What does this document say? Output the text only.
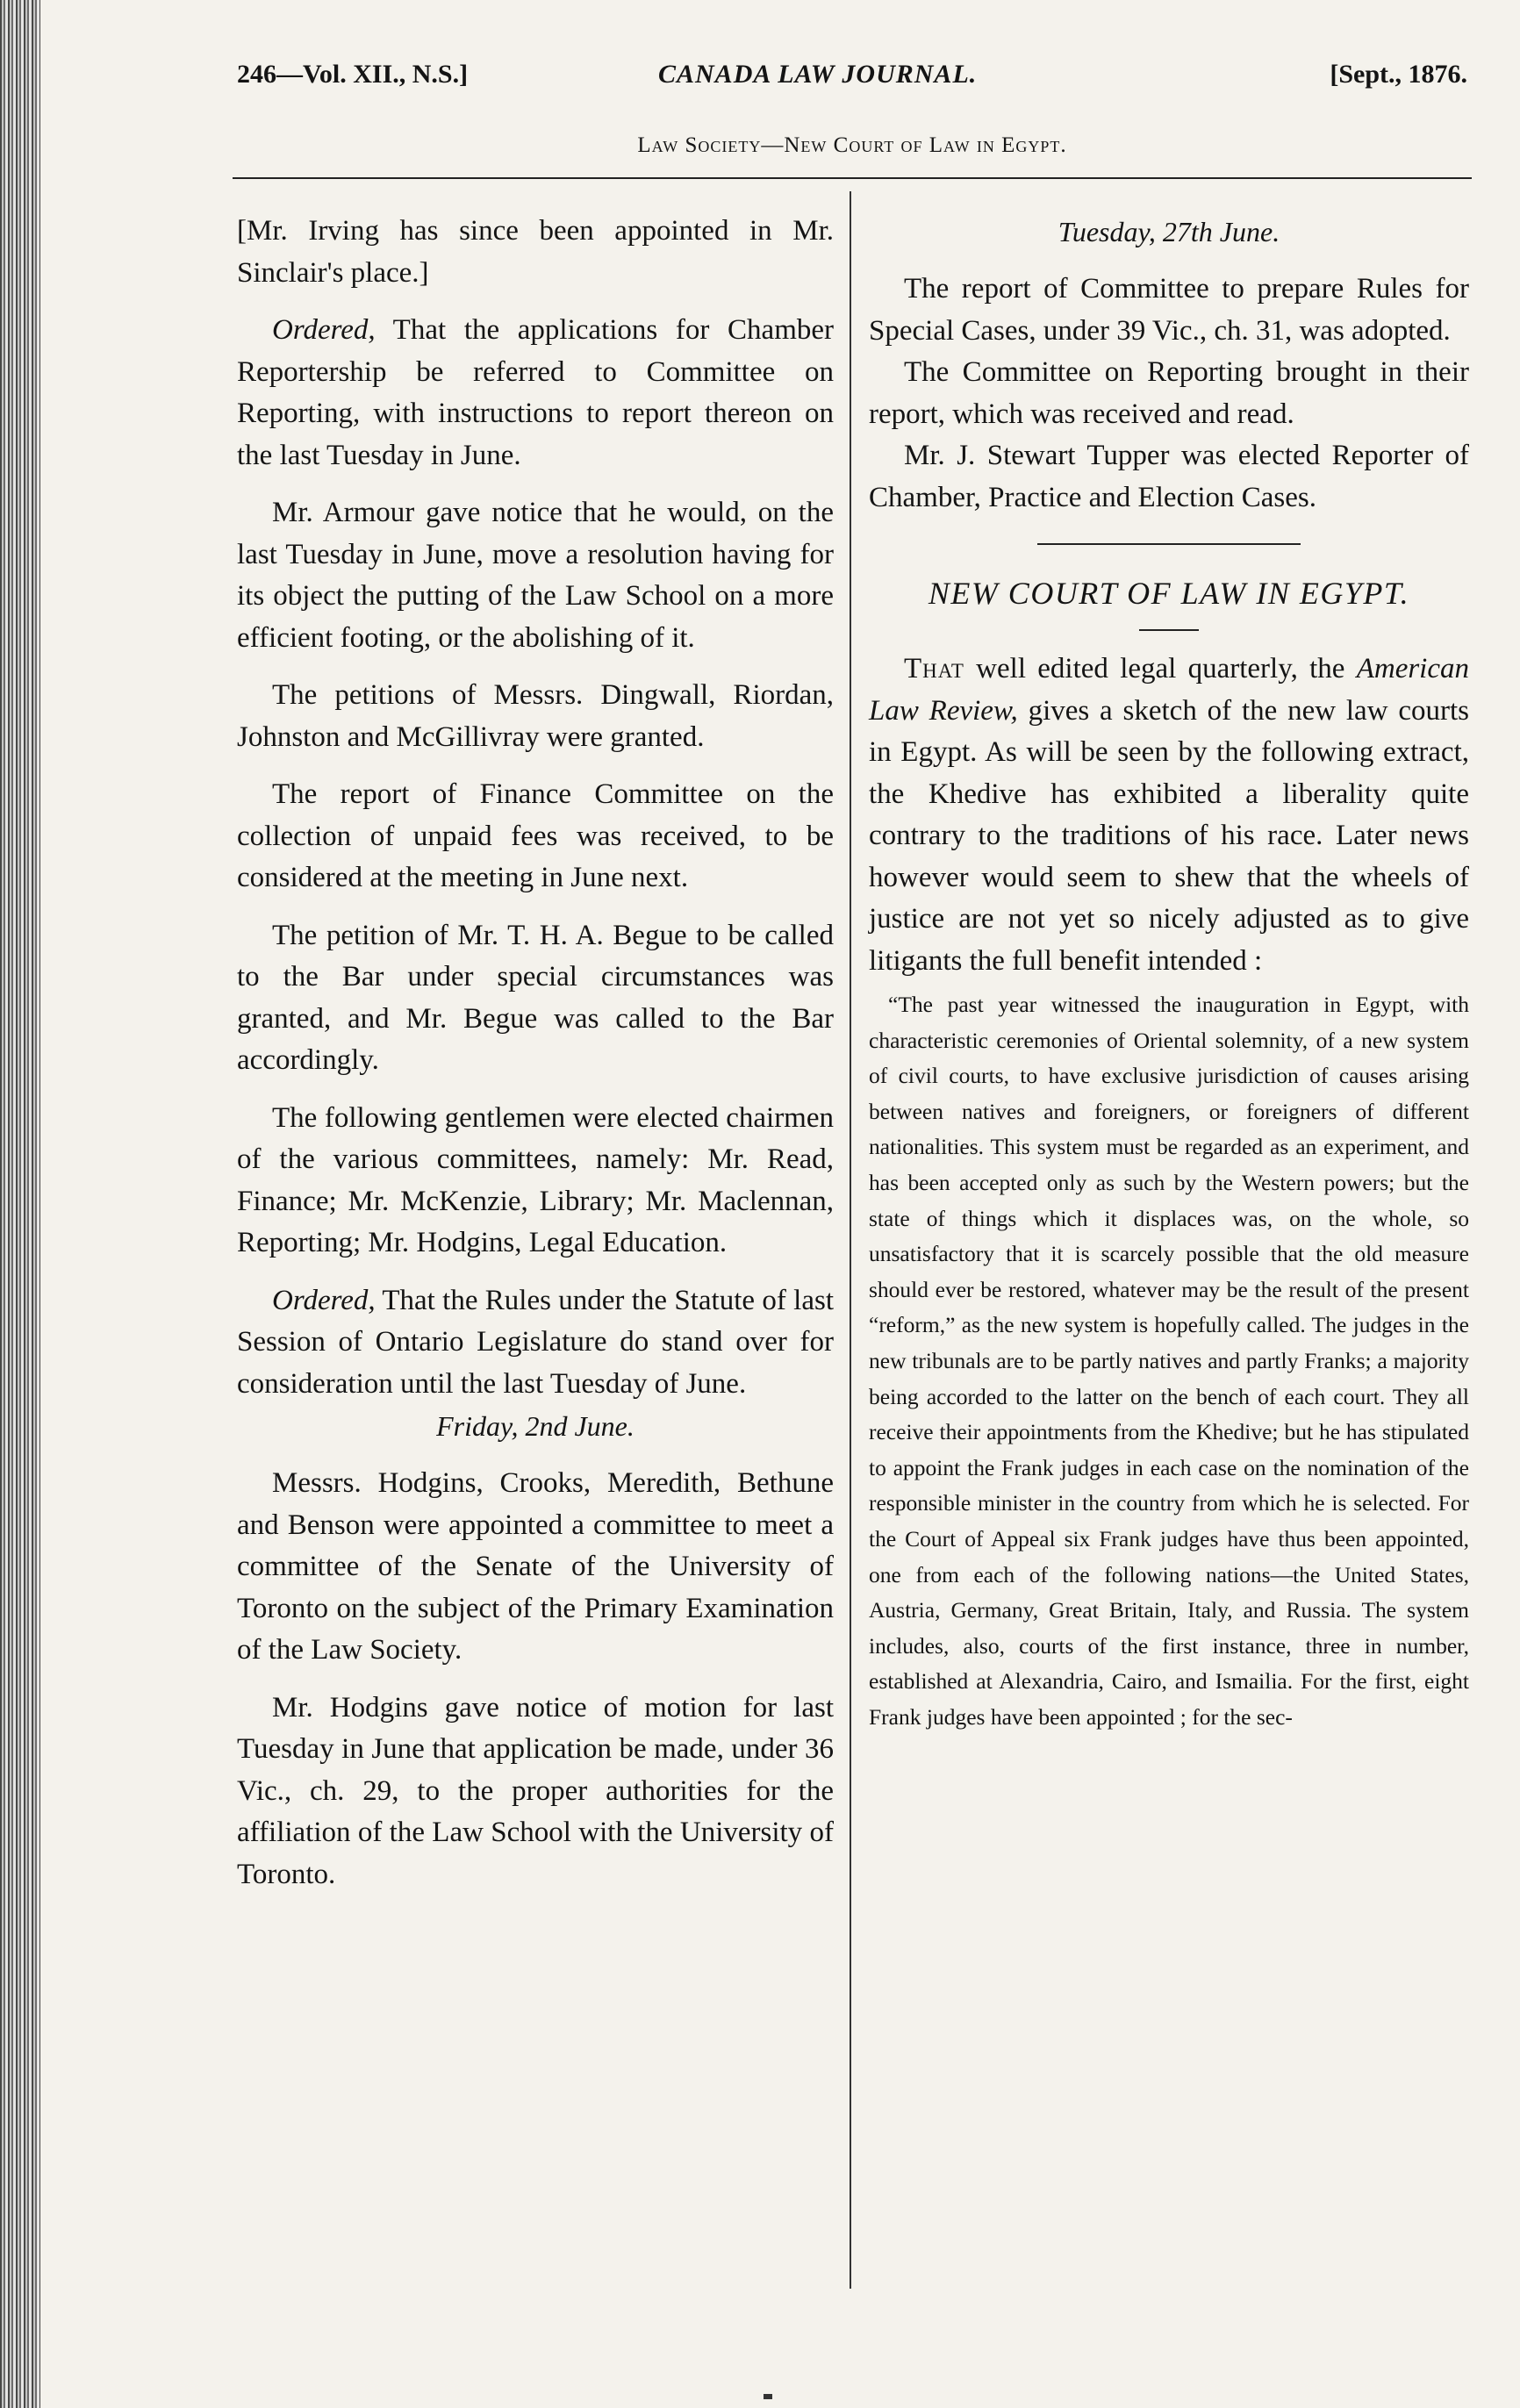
246—Vol. XII., N.S.]	CANADA LAW JOURNAL.	[Sept., 1876.
Law Society—New Court of Law in Egypt.

[Mr. Irving has since been appointed in Mr. Sinclair's place.]

Ordered, That the applications for Chamber Reportership be referred to Committee on Reporting, with instructions to report thereon on the last Tuesday in June.

Mr. Armour gave notice that he would, on the last Tuesday in June, move a resolution having for its object the putting of the Law School on a more efficient footing, or the abolishing of it.

The petitions of Messrs. Dingwall, Riordan, Johnston and McGillivray were granted.

The report of Finance Committee on the collection of unpaid fees was received, to be considered at the meeting in June next.

The petition of Mr. T. H. A. Begue to be called to the Bar under special circumstances was granted, and Mr. Begue was called to the Bar accordingly.

The following gentlemen were elected chairmen of the various committees, namely: Mr. Read, Finance; Mr. McKenzie, Library; Mr. Maclennan, Reporting; Mr. Hodgins, Legal Education.

Ordered, That the Rules under the Statute of last Session of Ontario Legislature do stand over for consideration until the last Tuesday of June.

Friday, 2nd June.

Messrs. Hodgins, Crooks, Meredith, Bethune and Benson were appointed a committee to meet a committee of the Senate of the University of Toronto on the subject of the Primary Examination of the Law Society.

Mr. Hodgins gave notice of motion for last Tuesday in June that application be made, under 36 Vic., ch. 29, to the proper authorities for the affiliation of the Law School with the University of Toronto.

Tuesday, 27th June.

The report of Committee to prepare Rules for Special Cases, under 39 Vic., ch. 31, was adopted.

The Committee on Reporting brought in their report, which was received and read.

Mr. J. Stewart Tupper was elected Reporter of Chamber, Practice and Election Cases.

NEW COURT OF LAW IN EGYPT.

That well edited legal quarterly, the American Law Review, gives a sketch of the new law courts in Egypt. As will be seen by the following extract, the Khedive has exhibited a liberality quite contrary to the traditions of his race. Later news however would seem to shew that the wheels of justice are not yet so nicely adjusted as to give litigants the full benefit intended :

“The past year witnessed the inauguration in Egypt, with characteristic ceremonies of Oriental solemnity, of a new system of civil courts, to have exclusive jurisdiction of causes arising between natives and foreigners, or foreigners of different nationalities. This system must be regarded as an experiment, and has been accepted only as such by the Western powers; but the state of things which it displaces was, on the whole, so unsatisfactory that it is scarcely possible that the old measure should ever be restored, whatever may be the result of the present “reform,” as the new system is hopefully called. The judges in the new tribunals are to be partly natives and partly Franks; a majority being accorded to the latter on the bench of each court. They all receive their appointments from the Khedive; but he has stipulated to appoint the Frank judges in each case on the nomination of the responsible minister in the country from which he is selected. For the Court of Appeal six Frank judges have thus been appointed, one from each of the following nations—the United States, Austria, Germany, Great Britain, Italy, and Russia. The system includes, also, courts of the first instance, three in number, established at Alexandria, Cairo, and Ismailia. For the first, eight Frank judges have been appointed ; for the sec-
